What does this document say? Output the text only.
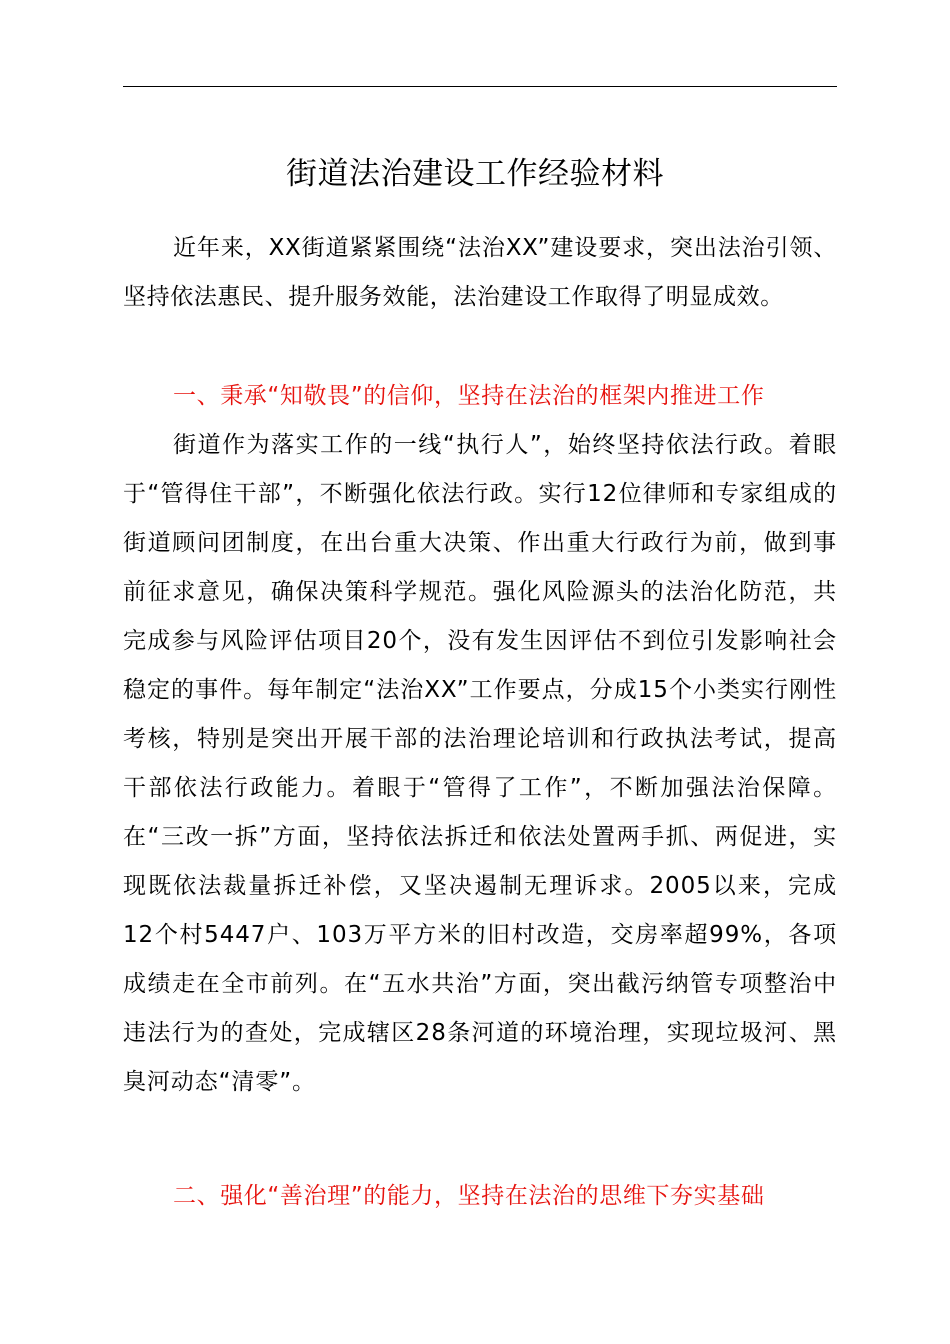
街道法治建设工作经验材料

近年来，XX街道紧紧围绕“法治XX”建设要求，突出法治引领、坚持依法惠民、提升服务效能，法治建设工作取得了明显成效。

一、秉承“知敬畏”的信仰，坚持在法治的框架内推进工作

街道作为落实工作的一线“执行人”，始终坚持依法行政。着眼于“管得住干部”，不断强化依法行政。实行12位律师和专家组成的街道顾问团制度，在出台重大决策、作出重大行政行为前，做到事前征求意见，确保决策科学规范。强化风险源头的法治化防范，共完成参与风险评估项目20个，没有发生因评估不到位引发影响社会稳定的事件。每年制定“法治XX”工作要点，分成15个小类实行刚性考核，特别是突出开展干部的法治理论培训和行政执法考试，提高干部依法行政能力。着眼于“管得了工作”，不断加强法治保障。在“三改一拆”方面，坚持依法拆迁和依法处置两手抓、两促进，实现既依法裁量拆迁补偿，又坚决遏制无理诉求。2005以来，完成12个村5447户、103万平方米的旧村改造，交房率超99%，各项成绩走在全市前列。在“五水共治”方面，突出截污纳管专项整治中违法行为的查处，完成辖区28条河道的环境治理，实现垃圾河、黑臭河动态“清零”。

二、强化“善治理”的能力，坚持在法治的思维下夯实基础
